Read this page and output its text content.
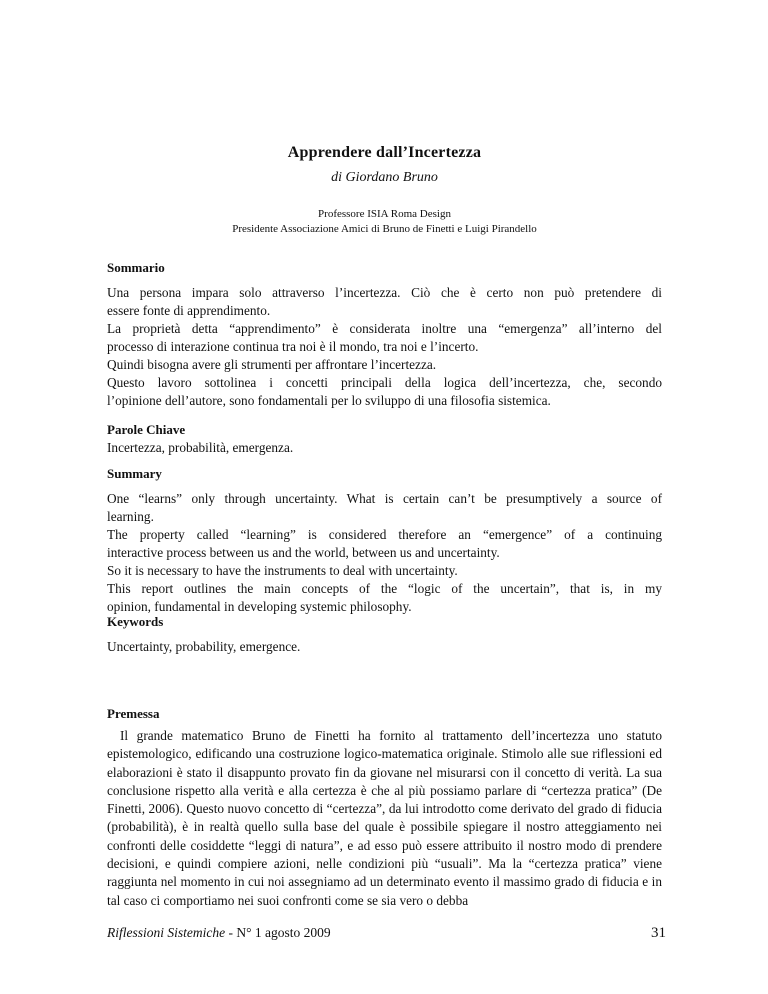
Apprendere dall’Incertezza
di Giordano Bruno
Professore ISIA Roma Design
Presidente Associazione Amici di Bruno de Finetti e Luigi Pirandello
Sommario

Una persona impara solo attraverso l’incertezza. Ciò che è certo non può pretendere di
essere fonte di apprendimento.
La proprietà detta “apprendimento” è considerata inoltre una “emergenza” all’interno del
processo di interazione continua tra noi è il mondo, tra noi e l’incerto.
Quindi bisogna avere gli strumenti per affrontare l’incertezza.
Questo lavoro sottolinea i concetti principali della logica dell’incertezza, che, secondo
l’opinione dell’autore, sono fondamentali per lo sviluppo di una filosofia sistemica.

Parole Chiave

Incertezza, probabilità, emergenza.

Summary

One “learns” only through uncertainty. What is certain can’t be presumptively a source of
learning.
The property called “learning” is considered therefore an “emergence” of a continuing
interactive process between us and the world, between us and uncertainty.
So it is necessary to have the instruments to deal with uncertainty.
This report outlines the main concepts of the “logic of the uncertain”, that is, in my
opinion, fundamental in developing systemic philosophy.

Keywords

Uncertainty, probability, emergence.

Premessa

Il grande matematico Bruno de Finetti ha fornito al trattamento dell’incertezza uno statuto epistemologico, edificando una costruzione logico-matematica originale. Stimolo alle sue riflessioni ed elaborazioni è stato il disappunto provato fin da giovane nel misurarsi con il concetto di verità. La sua conclusione rispetto alla verità e alla certezza è che al più possiamo parlare di “certezza pratica” (De Finetti, 2006). Questo nuovo concetto di “certezza”, da lui introdotto come derivato del grado di fiducia (probabilità), è in realtà quello sulla base del quale è possibile spiegare il nostro atteggiamento nei confronti delle cosiddette “leggi di natura”, e ad esso può essere attribuito il nostro modo di prendere decisioni, e quindi compiere azioni, nelle condizioni più “usuali”. Ma la “certezza pratica” viene raggiunta nel momento in cui noi assegniamo ad un determinato evento il massimo grado di fiducia e in tal caso ci comportiamo nei suoi confronti come se sia vero o debba

Riflessioni Sistemiche - N° 1 agosto 2009	31
